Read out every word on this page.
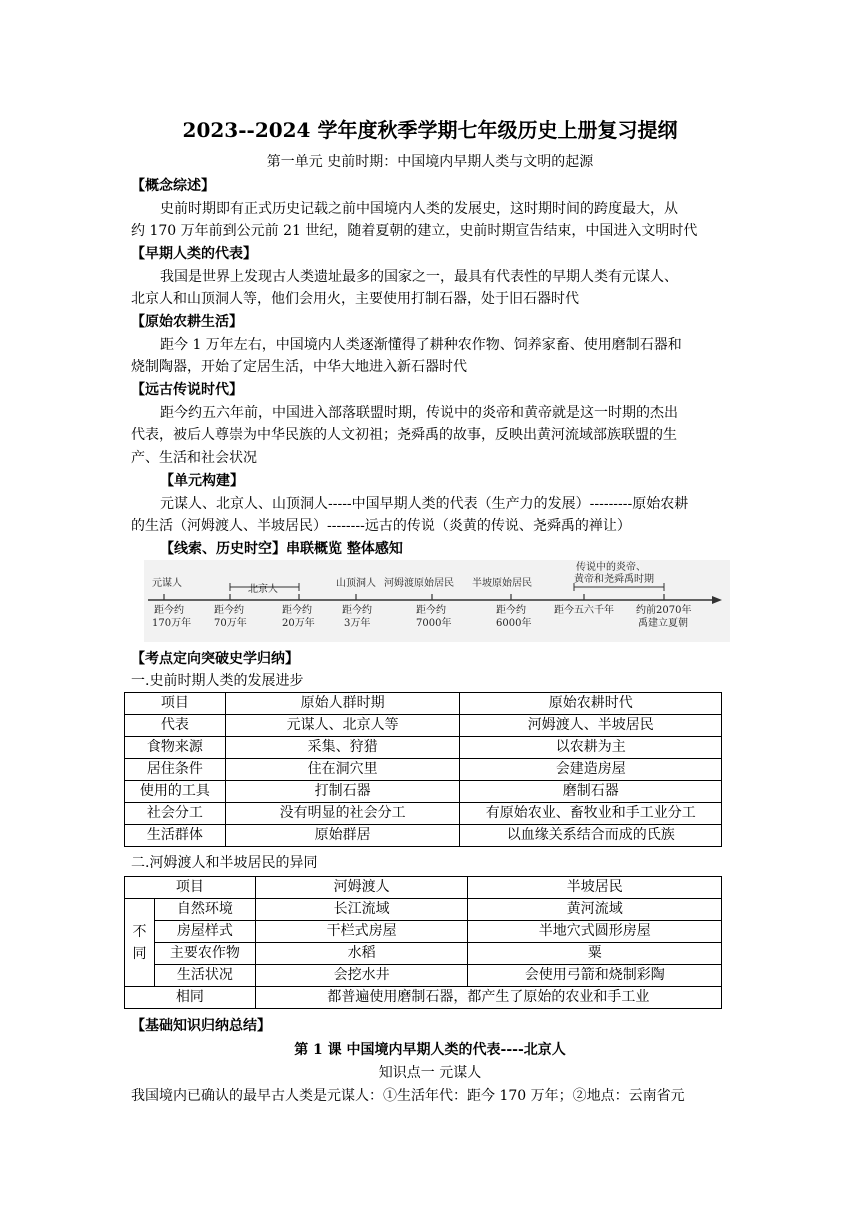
2023--2024 学年度秋季学期七年级历史上册复习提纲
第一单元 史前时期：中国境内早期人类与文明的起源
【概念综述】
史前时期即有正式历史记载之前中国境内人类的发展史，这时期时间的跨度最大，从
约 170 万年前到公元前 21 世纪，随着夏朝的建立，史前时期宣告结束，中国进入文明时代
【早期人类的代表】
我国是世界上发现古人类遗址最多的国家之一，最具有代表性的早期人类有元谋人、
北京人和山顶洞人等，他们会用火，主要使用打制石器，处于旧石器时代
【原始农耕生活】
距今 1 万年左右，中国境内人类逐渐懂得了耕种农作物、饲养家畜、使用磨制石器和
烧制陶器，开始了定居生活，中华大地进入新石器时代
【远古传说时代】
距今约五六年前，中国进入部落联盟时期，传说中的炎帝和黄帝就是这一时期的杰出
代表，被后人尊崇为中华民族的人文初祖；尧舜禹的故事，反映出黄河流域部族联盟的生
产、生活和社会状况
【单元构建】
元谋人、北京人、山顶洞人-----中国早期人类的代表（生产力的发展）---------原始农耕
的生活（河姆渡人、半坡居民）--------远古的传说（炎黄的传说、尧舜禹的禅让）
【线索、历史时空】串联概览 整体感知
元谋人
北京人
山顶洞人 河姆渡原始居民 半坡原始居民
传说中的炎帝、
黄帝和尧舜禹时期
距今约
170万年
距今约
70万年
距今约
20万年
距今约
3万年
距今约
7000年
距今约
6000年
距今五六千年 约前2070年
禹建立夏朝
【考点定向突破史学归纳】
一.史前时期人类的发展进步
项目	原始人群时期	原始农耕时代
代表	元谋人、北京人等	河姆渡人、半坡居民
食物来源	采集、狩猎	以农耕为主
居住条件	住在洞穴里	会建造房屋
使用的工具	打制石器	磨制石器
社会分工	没有明显的社会分工	有原始农业、畜牧业和手工业分工
生活群体	原始群居	以血缘关系结合而成的氏族
二.河姆渡人和半坡居民的异同
项目		河姆渡人	半坡居民

不
同	自然环境	长江流域	黄河流域
	房屋样式	干栏式房屋	半地穴式圆形房屋
	主要农作物	水稻	粟
	生活状况	会挖水井	会使用弓箭和烧制彩陶
相同		都普遍使用磨制石器，都产生了原始的农业和手工业	
【基础知识归纳总结】
第 1 课 中国境内早期人类的代表----北京人
知识点一 元谋人
我国境内已确认的最早古人类是元谋人：①生活年代：距今 170 万年；②地点：云南省元
